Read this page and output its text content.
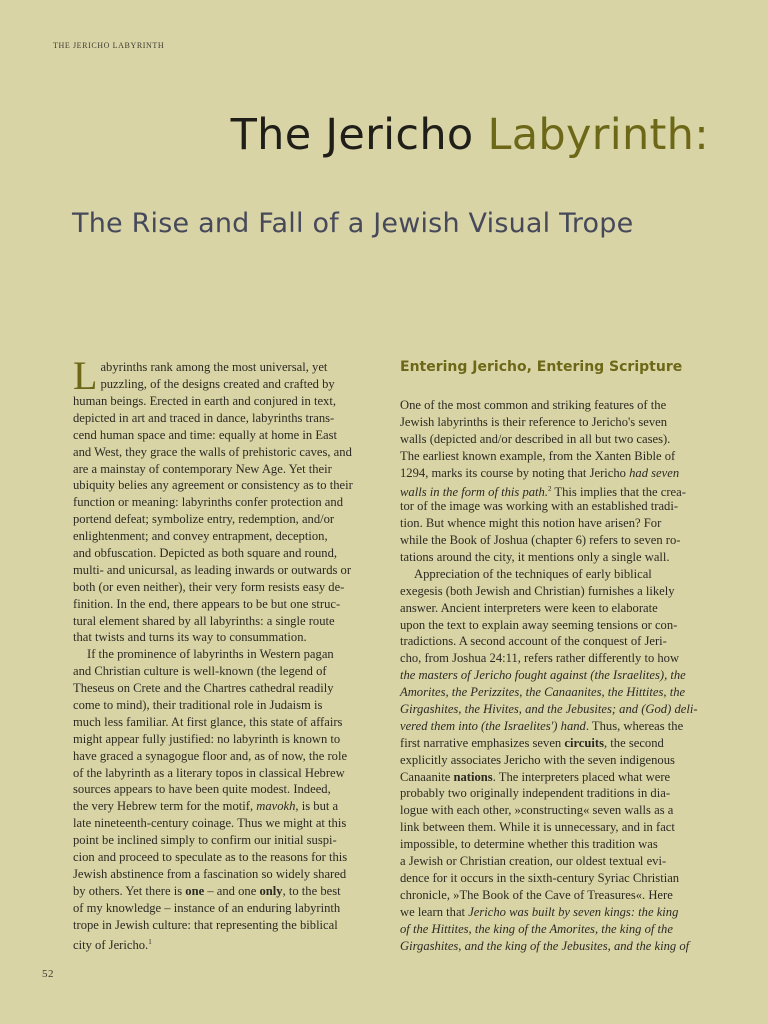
THE JERICHO LABYRINTH
The Jericho Labyrinth:
The Rise and Fall of a Jewish Visual Trope
L abyrinths rank among the most universal, yet
puzzling, of the designs created and crafted by
human beings. Erected in earth and conjured in text,
depicted in art and traced in dance, labyrinths trans-
cend human space and time: equally at home in East
and West, they grace the walls of prehistoric caves, and
are a mainstay of contemporary New Age. Yet their
ubiquity belies any agreement or consistency as to their
function or meaning: labyrinths confer protection and
portend defeat; symbolize entry, redemption, and/or
enlightenment; and convey entrapment, deception,
and obfuscation. Depicted as both square and round,
multi- and unicursal, as leading inwards or outwards or
both (or even neither), their very form resists easy de-
finition. In the end, there appears to be but one struc-
tural element shared by all labyrinths: a single route
that twists and turns its way to consummation.
If the prominence of labyrinths in Western pagan
and Christian culture is well-known (the legend of
Theseus on Crete and the Chartres cathedral readily
come to mind), their traditional role in Judaism is
much less familiar. At first glance, this state of affairs
might appear fully justified: no labyrinth is known to
have graced a synagogue floor and, as of now, the role
of the labyrinth as a literary topos in classical Hebrew
sources appears to have been quite modest. Indeed,
the very Hebrew term for the motif, mavokh, is but a
late nineteenth-century coinage. Thus we might at this
point be inclined simply to confirm our initial suspi-
cion and proceed to speculate as to the reasons for this
Jewish abstinence from a fascination so widely shared
by others. Yet there is one – and one only, to the best
of my knowledge – instance of an enduring labyrinth
trope in Jewish culture: that representing the biblical
city of Jericho.$^1$
Entering Jericho, Entering Scripture
One of the most common and striking features of the
Jewish labyrinths is their reference to Jericho's seven
walls (depicted and/or described in all but two cases).
The earliest known example, from the Xanten Bible of
1294, marks its course by noting that Jericho had seven
walls in the form of this path.$^2$ This implies that the crea-
tor of the image was working with an established tradi-
tion. But whence might this notion have arisen? For
while the Book of Joshua (chapter 6) refers to seven ro-
tations around the city, it mentions only a single wall.
Appreciation of the techniques of early biblical
exegesis (both Jewish and Christian) furnishes a likely
answer. Ancient interpreters were keen to elaborate
upon the text to explain away seeming tensions or con-
tradictions. A second account of the conquest of Jeri-
cho, from Joshua 24:11, refers rather differently to how
the masters of Jericho fought against (the Israelites), the
Amorites, the Perizzites, the Canaanites, the Hittites, the
Girgashites, the Hivites, and the Jebusites; and (God) deli-
vered them into (the Israelites') hand. Thus, whereas the
first narrative emphasizes seven circuits, the second
explicitly associates Jericho with the seven indigenous
Canaanite nations. The interpreters placed what were
probably two originally independent traditions in dia-
logue with each other, »constructing« seven walls as a
link between them. While it is unnecessary, and in fact
impossible, to determine whether this tradition was
a Jewish or Christian creation, our oldest textual evi-
dence for it occurs in the sixth-century Syriac Christian
chronicle, »The Book of the Cave of Treasures«. Here
we learn that Jericho was built by seven kings: the king
of the Hittites, the king of the Amorites, the king of the
Girgashites, and the king of the Jebusites, and the king of
52
